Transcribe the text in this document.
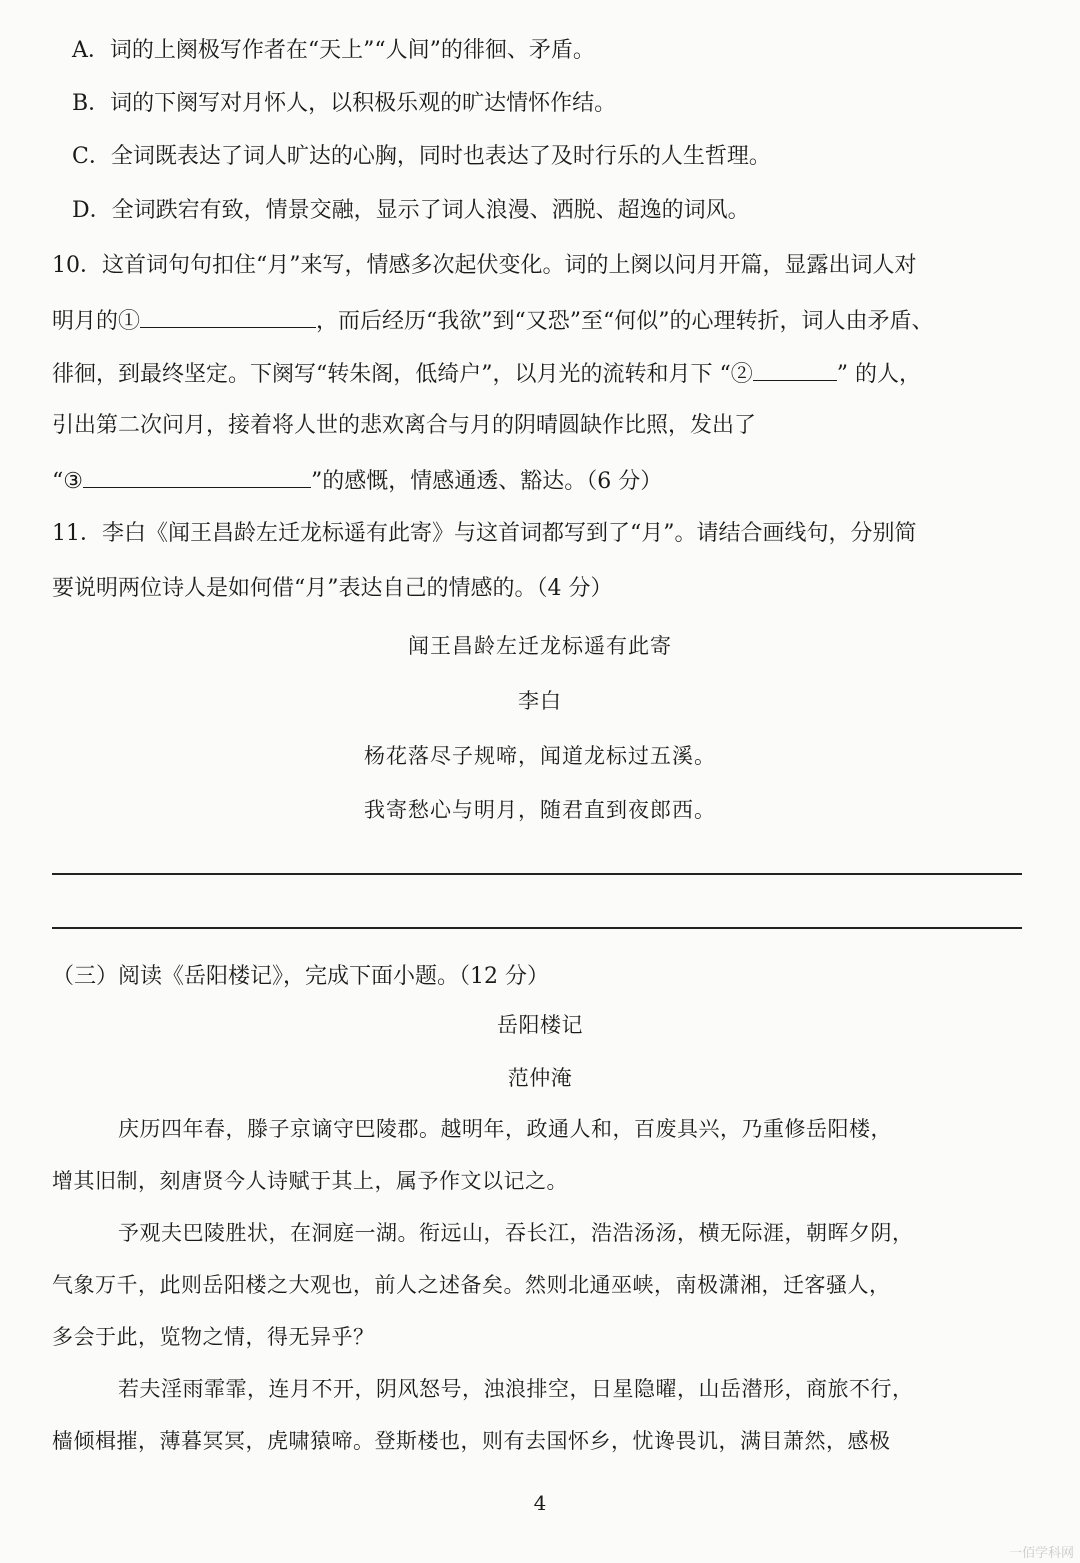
A．词的上阕极写作者在“天上”“人间”的徘徊、矛盾。
B．词的下阕写对月怀人，以积极乐观的旷达情怀作结。
C．全词既表达了词人旷达的心胸，同时也表达了及时行乐的人生哲理。
D．全词跌宕有致，情景交融，显示了词人浪漫、洒脱、超逸的词风。
10．这首词句句扣住“月”来写，情感多次起伏变化。词的上阕以问月开篇，显露出词人对
明月的①	，而后经历“我欲”到“又恐”至“何似”的心理转折，词人由矛盾、
徘徊，到最终坚定。下阕写“转朱阁，低绮户”，以月光的流转和月下 “②	” 的人，
引出第二次问月，接着将人世的悲欢离合与月的阴晴圆缺作比照，发出了
“③	”的感慨，情感通透、豁达。（6 分）
11．李白《闻王昌龄左迁龙标遥有此寄》与这首词都写到了“月”。请结合画线句，分别简
要说明两位诗人是如何借“月”表达自己的情感的。（4 分）
闻王昌龄左迁龙标遥有此寄
李白
杨花落尽子规啼，闻道龙标过五溪。
我寄愁心与明月，随君直到夜郎西。
（三）阅读《岳阳楼记》，完成下面小题。（12 分）
岳阳楼记
范仲淹
庆历四年春，滕子京谪守巴陵郡。越明年，政通人和，百废具兴，乃重修岳阳楼，
增其旧制，刻唐贤今人诗赋于其上，属予作文以记之。
予观夫巴陵胜状，在洞庭一湖。衔远山，吞长江，浩浩汤汤，横无际涯，朝晖夕阴，
气象万千，此则岳阳楼之大观也，前人之述备矣。然则北通巫峡，南极潇湘，迁客骚人，
多会于此，览物之情，得无异乎？
若夫淫雨霏霏，连月不开，阴风怒号，浊浪排空，日星隐曜，山岳潜形，商旅不行，
樯倾楫摧，薄暮冥冥，虎啸猿啼。登斯楼也，则有去国怀乡，忧谗畏讥，满目萧然，感极
4
一佰学科网
